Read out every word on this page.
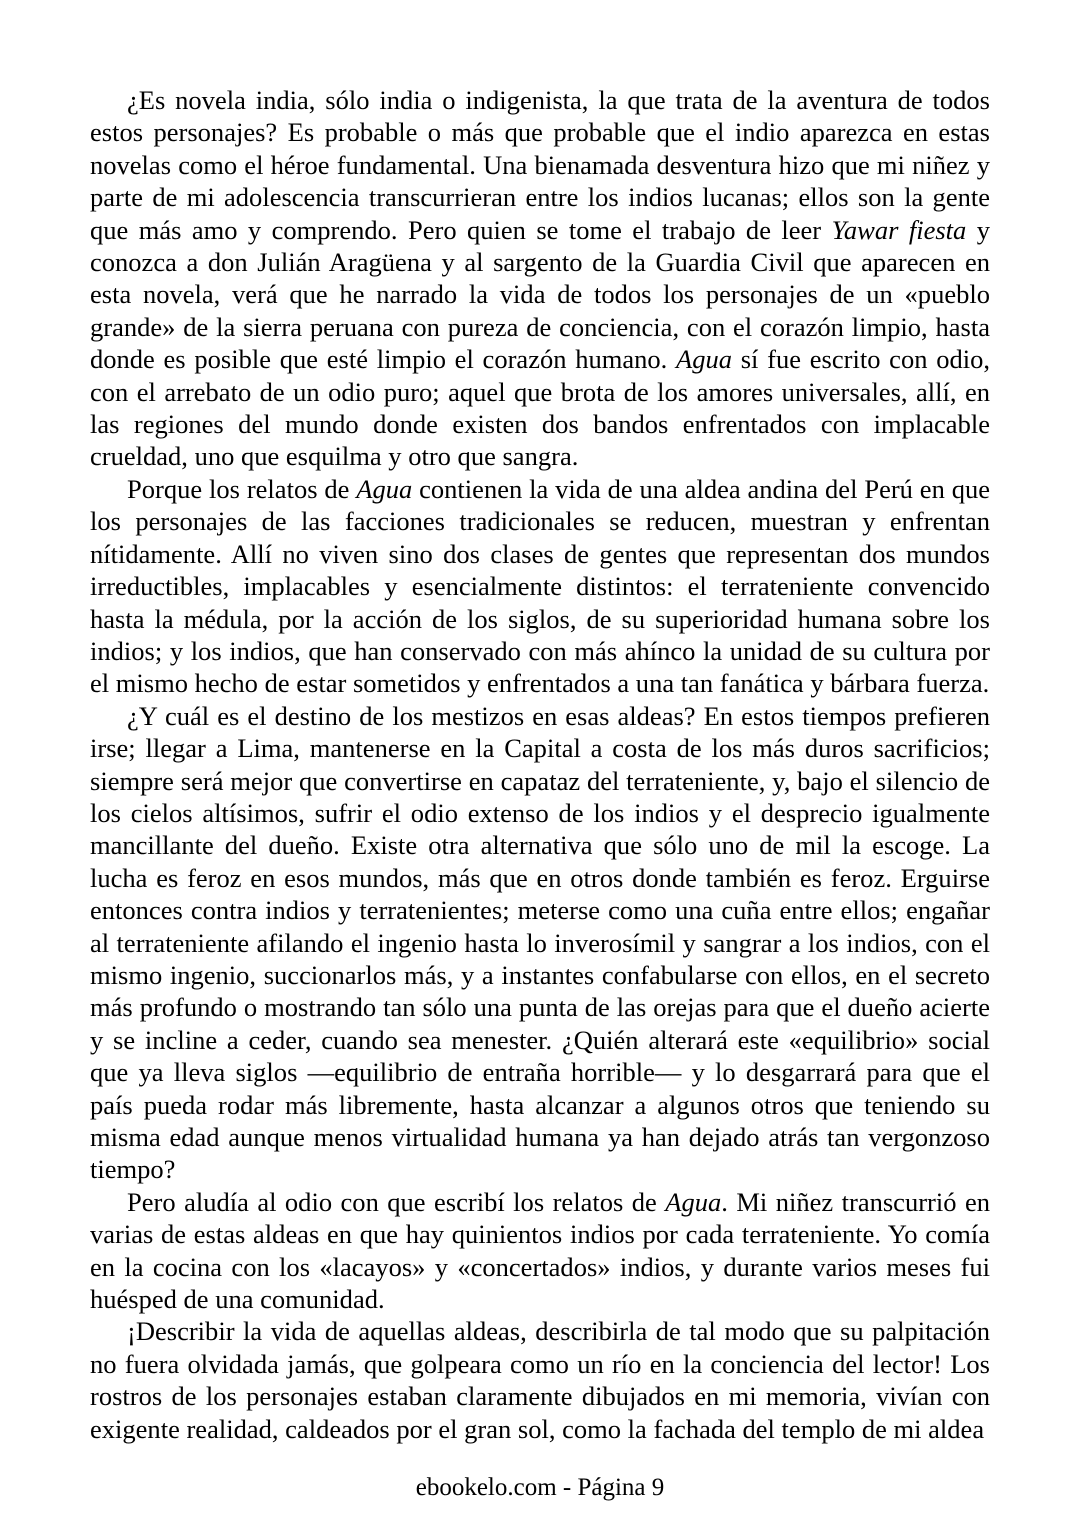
¿Es novela india, sólo india o indigenista, la que trata de la aventura de todos estos personajes? Es probable o más que probable que el indio aparezca en estas novelas como el héroe fundamental. Una bienamada desventura hizo que mi niñez y parte de mi adolescencia transcurrieran entre los indios lucanas; ellos son la gente que más amo y comprendo. Pero quien se tome el trabajo de leer Yawar fiesta y conozca a don Julián Aragüena y al sargento de la Guardia Civil que aparecen en esta novela, verá que he narrado la vida de todos los personajes de un «pueblo grande» de la sierra peruana con pureza de conciencia, con el corazón limpio, hasta donde es posible que esté limpio el corazón humano. Agua sí fue escrito con odio, con el arrebato de un odio puro; aquel que brota de los amores universales, allí, en las regiones del mundo donde existen dos bandos enfrentados con implacable crueldad, uno que esquilma y otro que sangra.

Porque los relatos de Agua contienen la vida de una aldea andina del Perú en que los personajes de las facciones tradicionales se reducen, muestran y enfrentan nítidamente. Allí no viven sino dos clases de gentes que representan dos mundos irreductibles, implacables y esencialmente distintos: el terrateniente convencido hasta la médula, por la acción de los siglos, de su superioridad humana sobre los indios; y los indios, que han conservado con más ahínco la unidad de su cultura por el mismo hecho de estar sometidos y enfrentados a una tan fanática y bárbara fuerza.

¿Y cuál es el destino de los mestizos en esas aldeas? En estos tiempos prefieren irse; llegar a Lima, mantenerse en la Capital a costa de los más duros sacrificios; siempre será mejor que convertirse en capataz del terrateniente, y, bajo el silencio de los cielos altísimos, sufrir el odio extenso de los indios y el desprecio igualmente mancillante del dueño. Existe otra alternativa que sólo uno de mil la escoge. La lucha es feroz en esos mundos, más que en otros donde también es feroz. Erguirse entonces contra indios y terratenientes; meterse como una cuña entre ellos; engañar al terrateniente afilando el ingenio hasta lo inverosímil y sangrar a los indios, con el mismo ingenio, succionarlos más, y a instantes confabularse con ellos, en el secreto más profundo o mostrando tan sólo una punta de las orejas para que el dueño acierte y se incline a ceder, cuando sea menester. ¿Quién alterará este «equilibrio» social que ya lleva siglos —equilibrio de entraña horrible— y lo desgarrará para que el país pueda rodar más libremente, hasta alcanzar a algunos otros que teniendo su misma edad aunque menos virtualidad humana ya han dejado atrás tan vergonzoso tiempo?

Pero aludía al odio con que escribí los relatos de Agua. Mi niñez transcurrió en varias de estas aldeas en que hay quinientos indios por cada terrateniente. Yo comía en la cocina con los «lacayos» y «concertados» indios, y durante varios meses fui huésped de una comunidad.

¡Describir la vida de aquellas aldeas, describirla de tal modo que su palpitación no fuera olvidada jamás, que golpeara como un río en la conciencia del lector! Los rostros de los personajes estaban claramente dibujados en mi memoria, vivían con exigente realidad, caldeados por el gran sol, como la fachada del templo de mi aldea

ebookelo.com - Página 9
